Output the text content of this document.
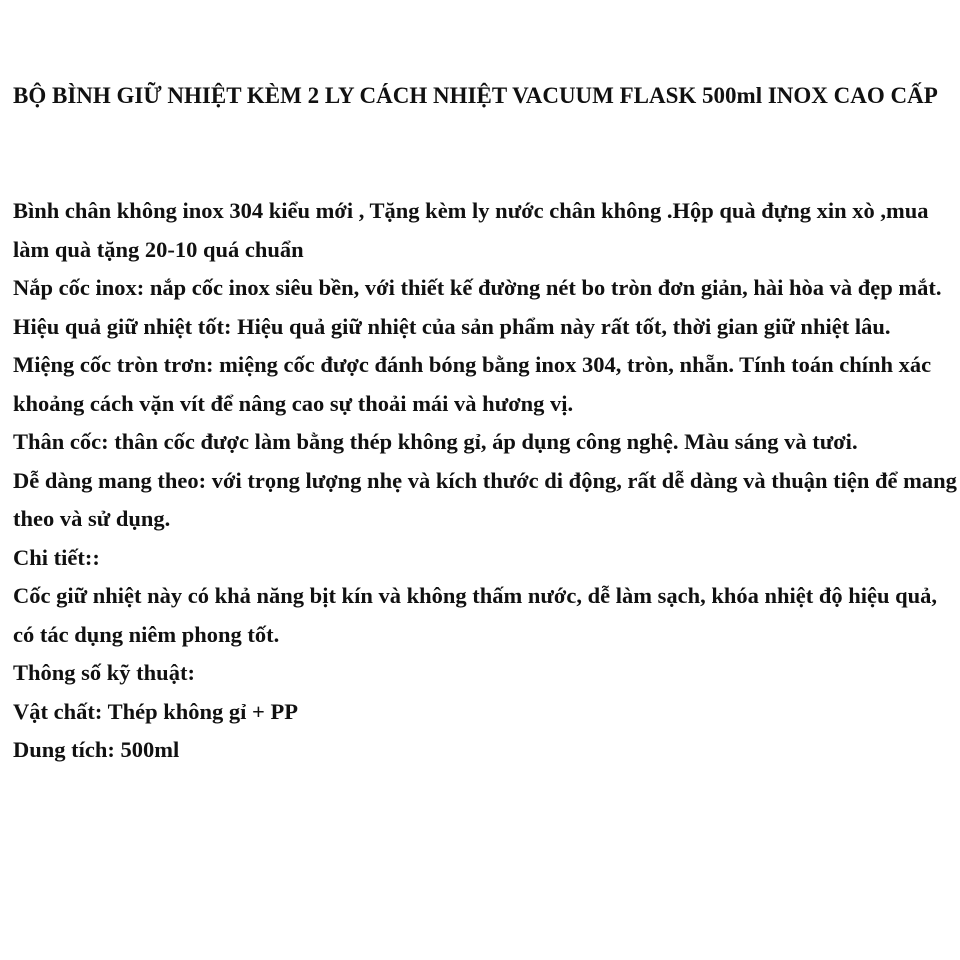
BỘ BÌNH GIỮ NHIỆT KÈM 2 LY CÁCH NHIỆT VACUUM FLASK 500ml INOX CAO CẤP

Bình chân không inox 304 kiểu mới , Tặng kèm ly nước chân không .Hộp quà đựng xin xò ,mua làm quà tặng 20-10 quá chuẩn

Nắp cốc inox: nắp cốc inox siêu bền, với thiết kế đường nét bo tròn đơn giản, hài hòa và đẹp mắt.

Hiệu quả giữ nhiệt tốt: Hiệu quả giữ nhiệt của sản phẩm này rất tốt, thời gian giữ nhiệt lâu.

Miệng cốc tròn trơn: miệng cốc được đánh bóng bằng inox 304, tròn, nhẵn. Tính toán chính xác khoảng cách vặn vít để nâng cao sự thoải mái và hương vị.

Thân cốc: thân cốc được làm bằng thép không gỉ, áp dụng công nghệ. Màu sáng và tươi.

Dễ dàng mang theo: với trọng lượng nhẹ và kích thước di động, rất dễ dàng và thuận tiện để mang theo và sử dụng.

Chi tiết::

Cốc giữ nhiệt này có khả năng bịt kín và không thấm nước, dễ làm sạch, khóa nhiệt độ hiệu quả, có tác dụng niêm phong tốt.

Thông số kỹ thuật:

Vật chất: Thép không gỉ + PP

Dung tích: 500ml
